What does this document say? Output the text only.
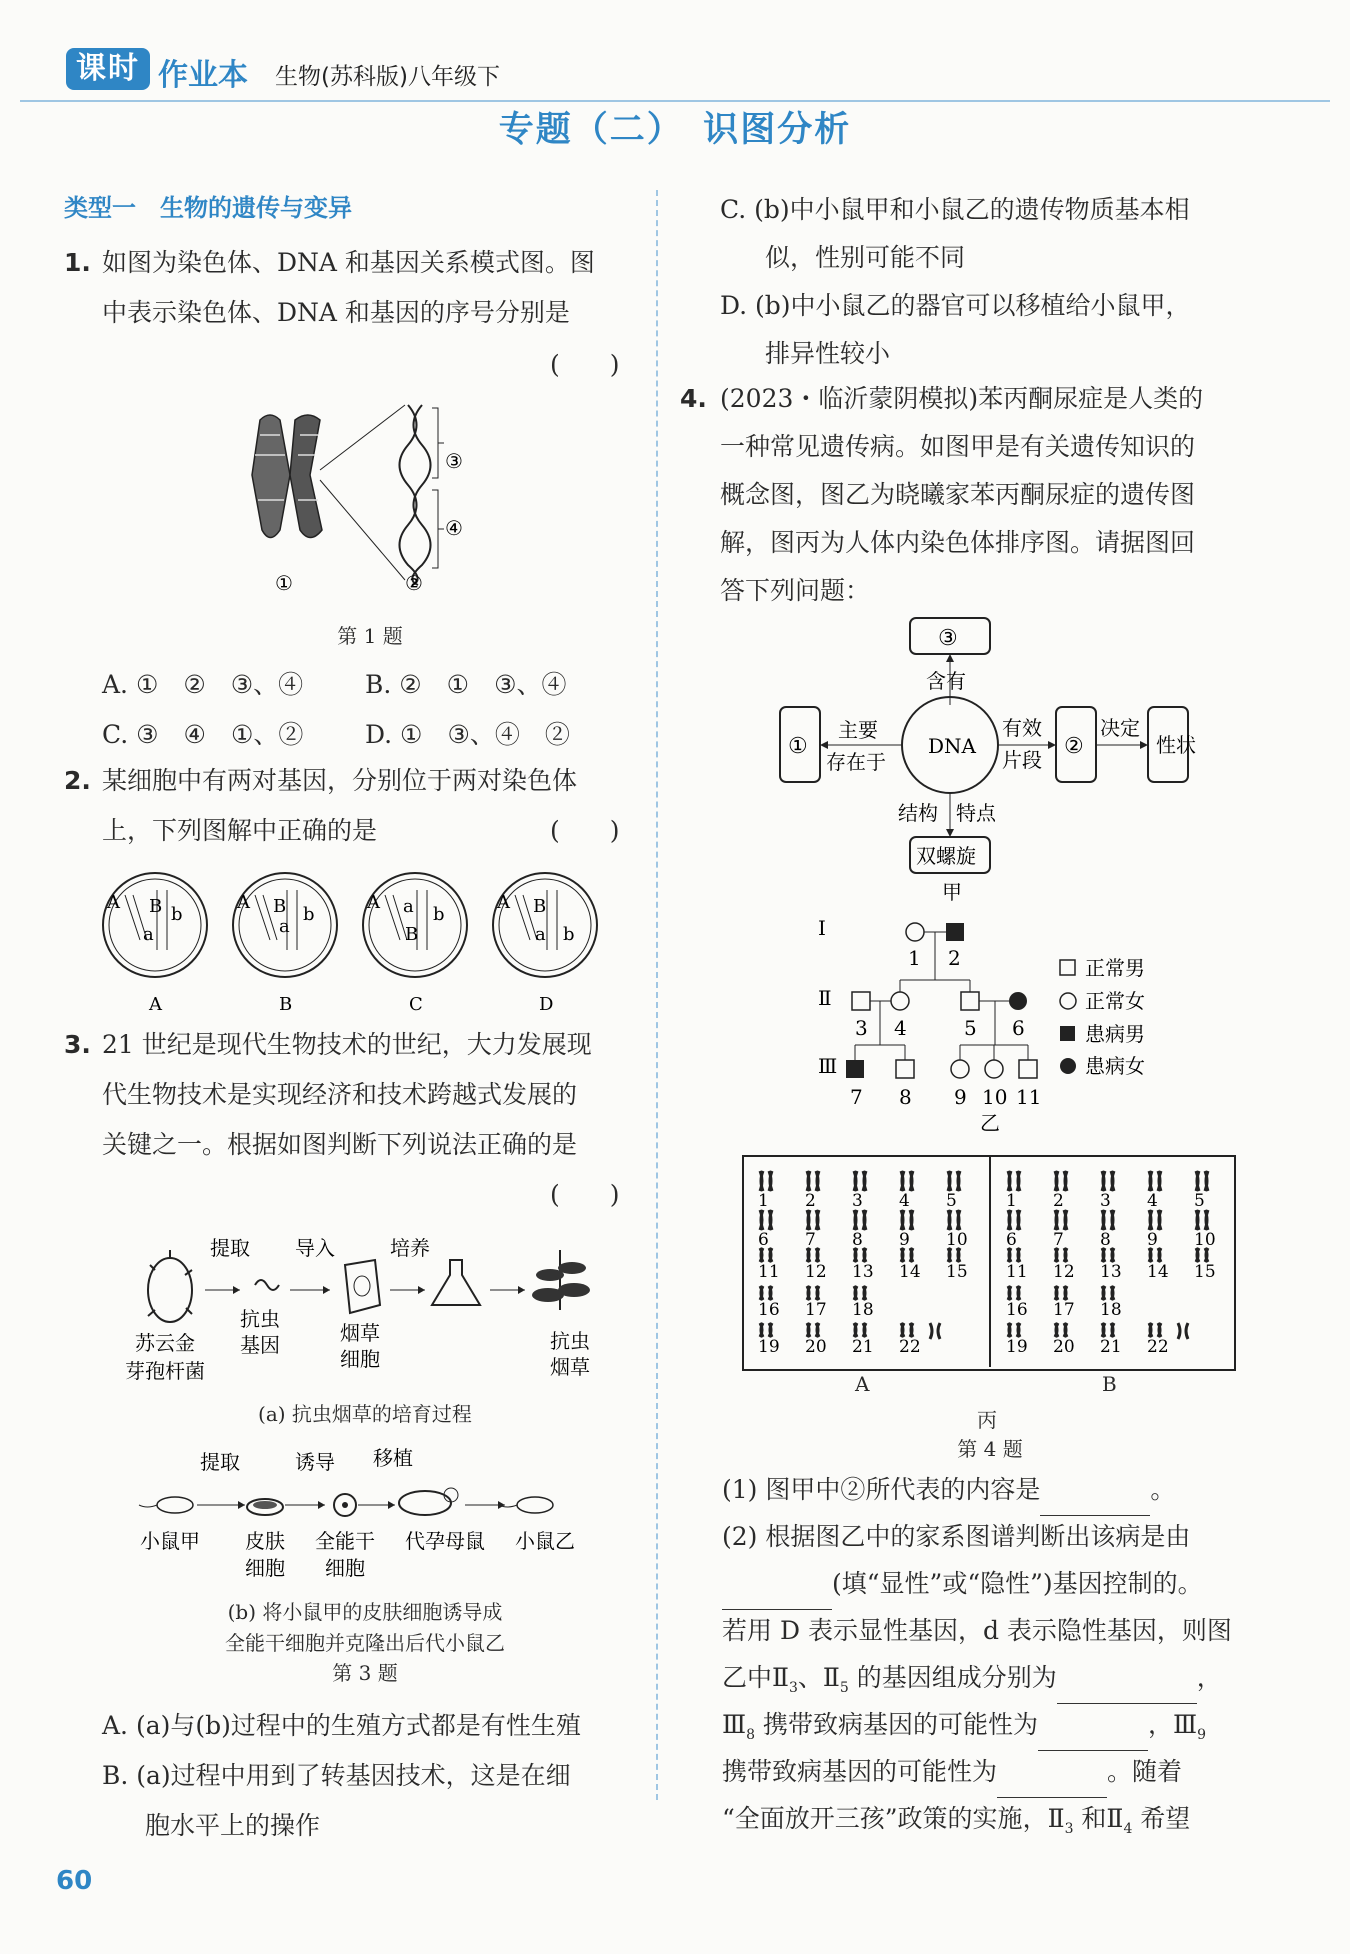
课时 作业本 生物(苏科版)八年级下
专题（二）　识图分析
类型一　生物的遗传与变异
1. 如图为染色体、DNA 和基因关系模式图。图
中表示染色体、DNA 和基因的序号分别是
(　　)
③
④
①	②
第 1 题
A. ①　②　③、④ B. ②　①　③、④
C. ③　④　①、② D. ①　③、④　②
2. 某细胞中有两对基因，分别位于两对染色体
上，下列图解中正确的是	(　　)
A B b
a
A
A B
a
b
B
A a
B
b
C
A B
a b
D
3. 21 世纪是现代生物技术的世纪，大力发展现
代生物技术是实现经济和技术跨越式发展的
关键之一。根据如图判断下列说法正确的是
(　　)
提取 导入	培养
苏云金
芽孢杆菌
抗虫
基因	烟草
细胞
抗虫
烟草
(a) 抗虫烟草的培育过程
提取	诱导 移植
小鼠甲 皮肤
细胞
全能干
细胞
代孕母鼠 小鼠乙
(b) 将小鼠甲的皮肤细胞诱导成
全能干细胞并克隆出后代小鼠乙
第 3 题
A. (a)与(b)过程中的生殖方式都是有性生殖
B. (a)过程中用到了转基因技术，这是在细
胞水平上的操作
C. (b)中小鼠甲和小鼠乙的遗传物质基本相
似，性别可能不同
D. (b)中小鼠乙的器官可以移植给小鼠甲，
排异性较小
4. (2023・临沂蒙阴模拟)苯丙酮尿症是人类的
一种常见遗传病。如图甲是有关遗传知识的
概念图，图乙为晓曦家苯丙酮尿症的遗传图
解，图丙为人体内染色体排序图。请据图回
答下列问题：
③
含有
①	DNA
主要
存在于
有效
片段
②
决定
性状
结构 特点
双螺旋
甲
Ⅰ
Ⅱ
Ⅲ
1 2
3 4	5 6
7 8 9 10 11
乙
正常男
正常女
患病男
患病女
1 2 3 4 5
6 7 8 9 10
11 12 13 14 15
16 17 18
19 20 21 22
1 2 3 4 5
6 7 8 9 10
11 12 13 14 15
16 17 18
19 20 21 22
A	B
丙
第 4 题
(1) 图甲中②所代表的内容是	。
(2) 根据图乙中的家系图谱判断出该病是由
(填“显性”或“隐性”)基因控制的。
若用 D 表示显性基因，d 表示隐性基因，则图
乙中$Ⅱ_3$、$Ⅱ_5$ 的基因组成分别为	，
$Ⅲ_8$ 携带致病基因的可能性为	，$Ⅲ_9$
携带致病基因的可能性为	。随着
“全面放开三孩”政策的实施，$Ⅱ_3$ 和$Ⅱ_4$ 希望
60
